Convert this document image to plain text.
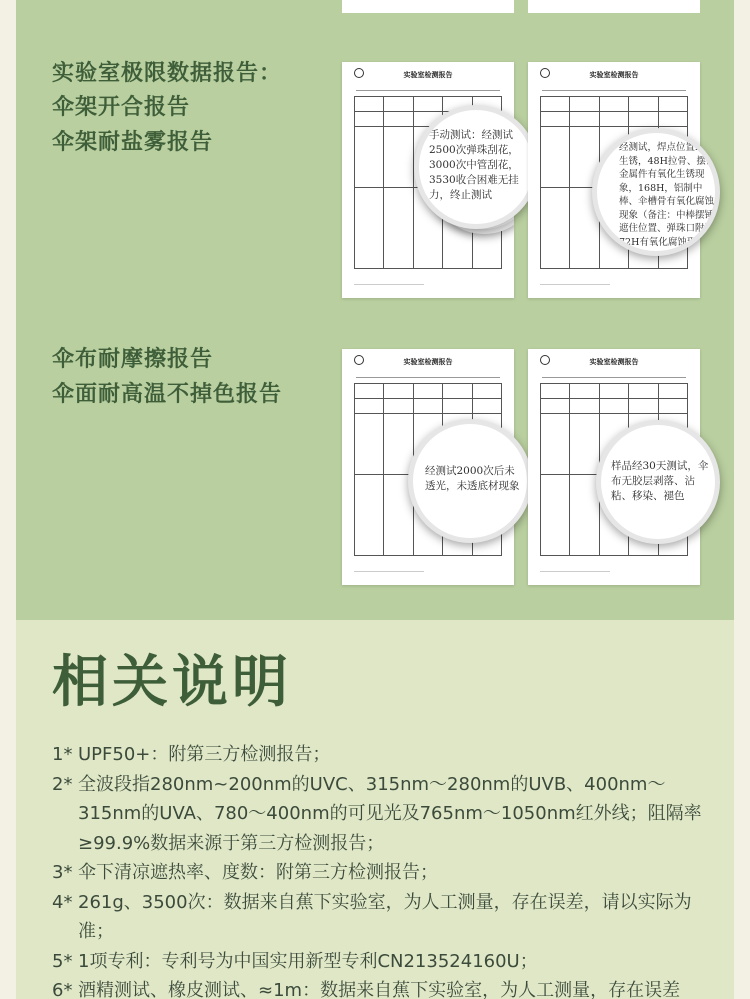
实验室极限数据报告：
伞架开合报告
伞架耐盐雾报告
实验室检测报告

手动测试：经测试2500次弹珠刮花，3000次中管刮花，3530收合困难无挂力，终止测试
实验室检测报告

经测试，焊点位置24H生锈，48H拉骨、摆锤金属件有氧化生锈现象，168H，铝制中棒、伞槽骨有氧化腐蚀现象（备注：中棒摆锤遮住位置、弹珠口附近72H有氧化腐蚀现象）
伞布耐摩擦报告
伞面耐高温不掉色报告
实验室检测报告

经测试2000次后未透光，未透底材现象
实验室检测报告

样品经30天测试，伞布无胶层剥落、沾粘、移染、褪色
相关说明
1* UPF50+：附第三方检测报告；
2* 全波段指280nm~200nm的UVC、315nm～280nm的UVB、400nm～315nm的UVA、780～400nm的可见光及765nm～1050nm红外线；阻隔率≥99.9%数据来源于第三方检测报告；
3* 伞下清凉遮热率、度数：附第三方检测报告；
4* 261g、3500次：数据来自蕉下实验室，为人工测量，存在误差，请以实际为准；
5* 1项专利：专利号为中国实用新型专利CN213524160U；
6* 酒精测试、橡皮测试、≈1m：数据来自蕉下实验室，为人工测量，存在误差
